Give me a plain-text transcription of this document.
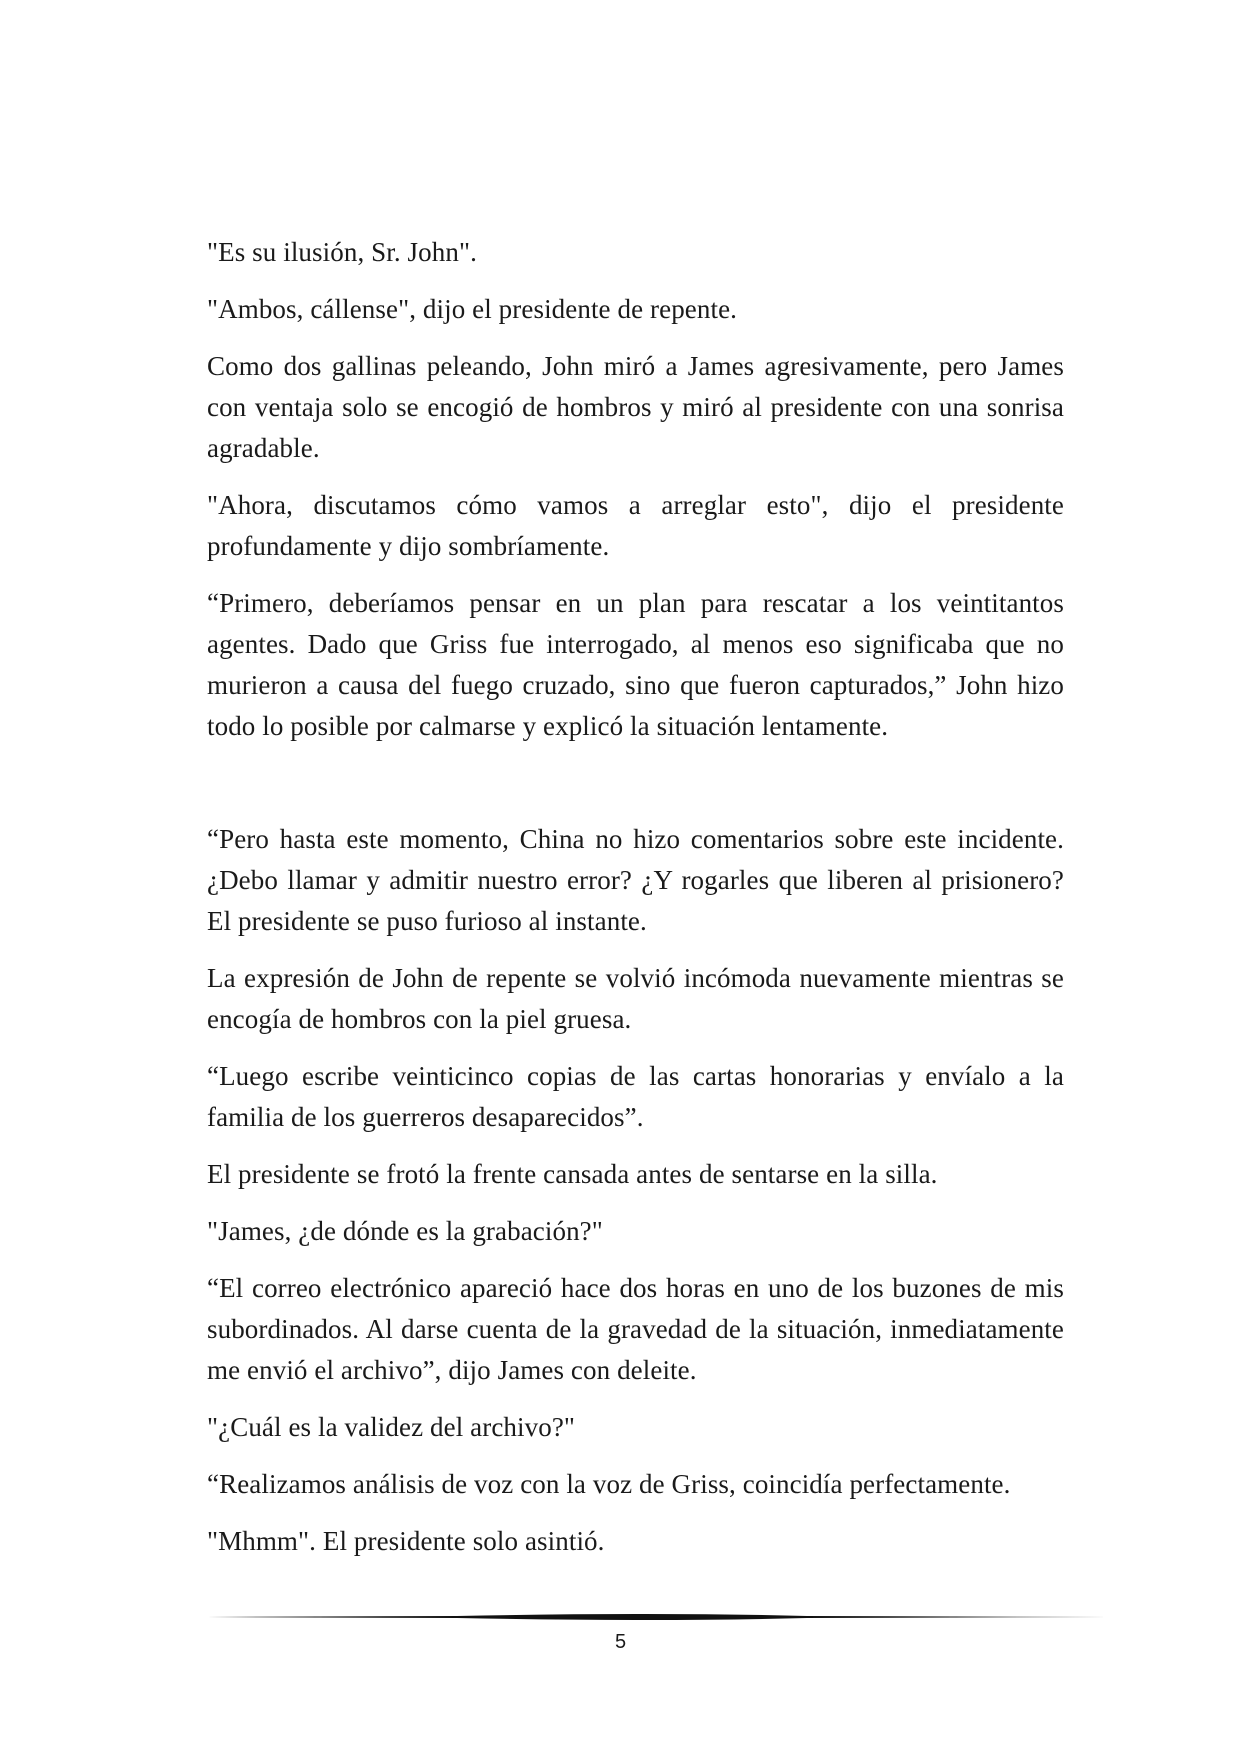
"Es su ilusión, Sr. John".

"Ambos, cállense", dijo el presidente de repente.

Como dos gallinas peleando, John miró a James agresivamente, pero James con ventaja solo se encogió de hombros y miró al presidente con una sonrisa agradable.

"Ahora, discutamos cómo vamos a arreglar esto", dijo el presidente profundamente y dijo sombríamente.

“Primero, deberíamos pensar en un plan para rescatar a los veintitantos agentes. Dado que Griss fue interrogado, al menos eso significaba que no murieron a causa del fuego cruzado, sino que fueron capturados,” John hizo todo lo posible por calmarse y explicó la situación lentamente.

“Pero hasta este momento, China no hizo comentarios sobre este incidente. ¿Debo llamar y admitir nuestro error? ¿Y rogarles que liberen al prisionero? El presidente se puso furioso al instante.

La expresión de John de repente se volvió incómoda nuevamente mientras se encogía de hombros con la piel gruesa.

“Luego escribe veinticinco copias de las cartas honorarias y envíalo a la familia de los guerreros desaparecidos”.

El presidente se frotó la frente cansada antes de sentarse en la silla.

"James, ¿de dónde es la grabación?"

“El correo electrónico apareció hace dos horas en uno de los buzones de mis subordinados. Al darse cuenta de la gravedad de la situación, inmediatamente me envió el archivo”, dijo James con deleite.

"¿Cuál es la validez del archivo?"

“Realizamos análisis de voz con la voz de Griss, coincidía perfectamente.

"Mhmm". El presidente solo asintió.

5
